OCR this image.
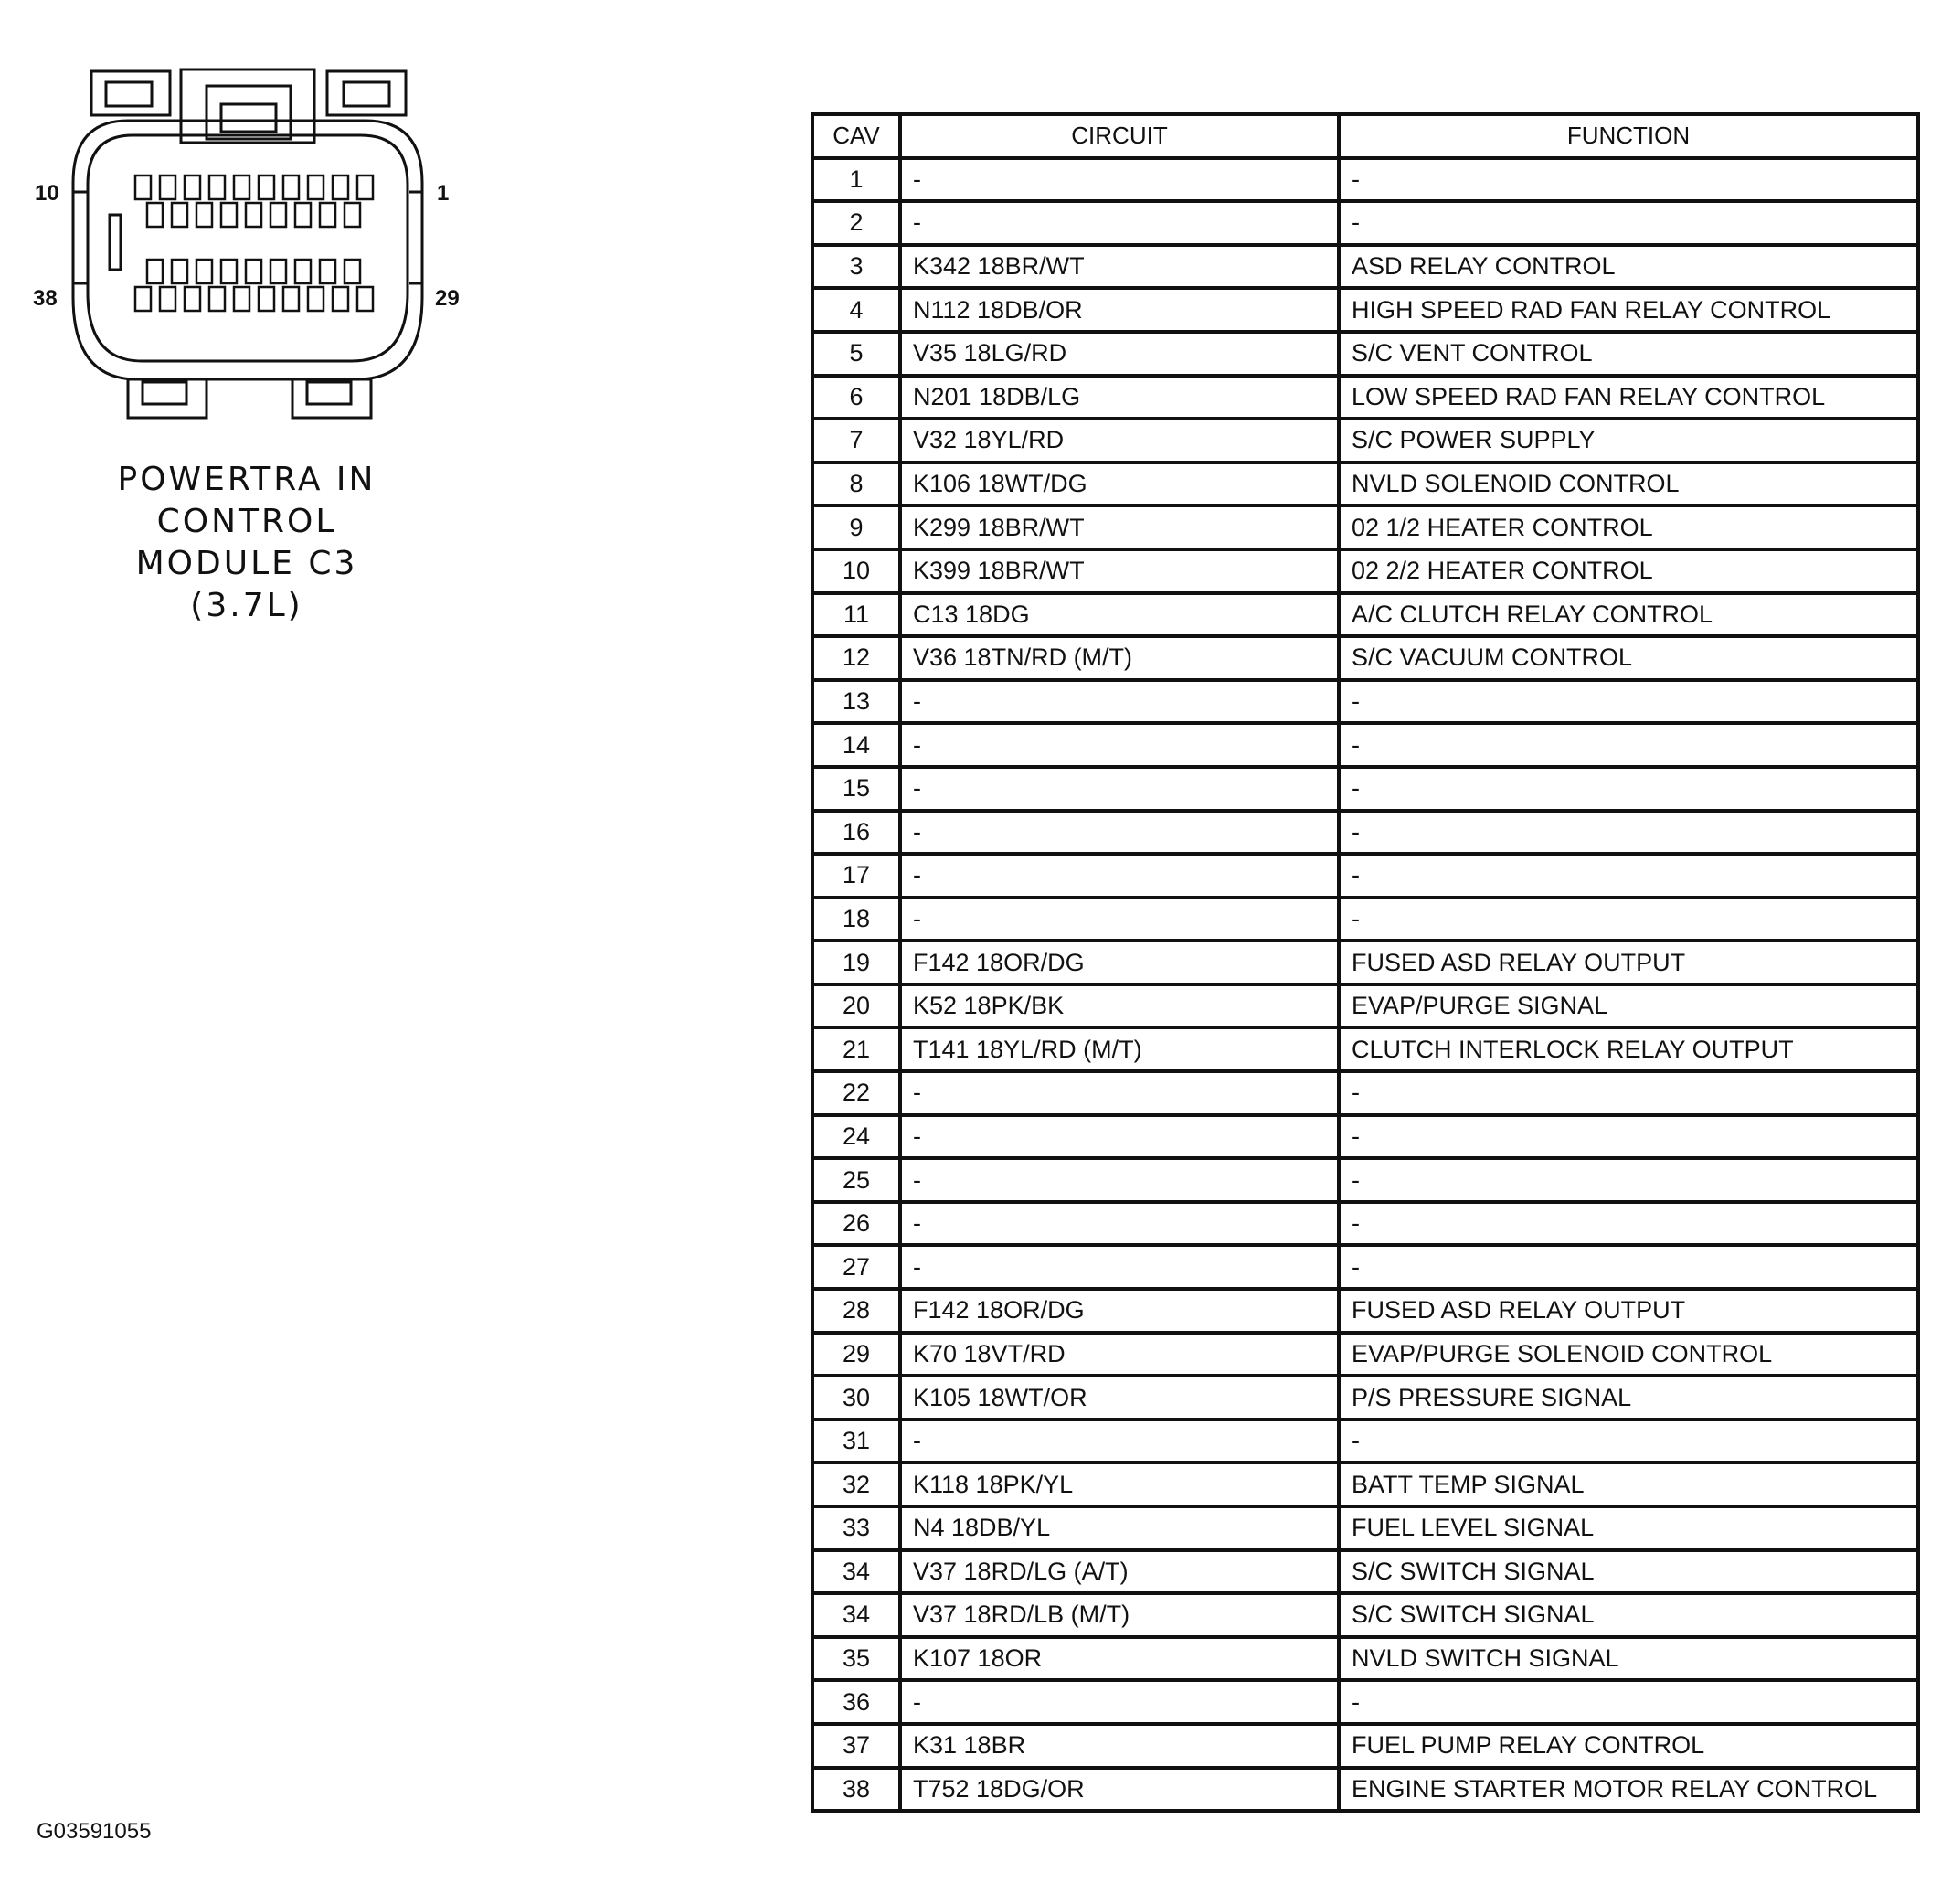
10	1
38	29
POWERTRA IN
CONTROL
MODULE C3
(3.7L)
CAV	CIRCUIT	FUNCTION
1	-	-
2	-	-
3	K342 18BR/WT	ASD RELAY CONTROL
4	N112 18DB/OR	HIGH SPEED RAD FAN RELAY CONTROL
5	V35 18LG/RD	S/C VENT CONTROL
6	N201 18DB/LG	LOW SPEED RAD FAN RELAY CONTROL
7	V32 18YL/RD	S/C POWER SUPPLY
8	K106 18WT/DG	NVLD SOLENOID CONTROL
9	K299 18BR/WT	02 1/2 HEATER CONTROL
10	K399 18BR/WT	02 2/2 HEATER CONTROL
11	C13 18DG	A/C CLUTCH RELAY CONTROL
12	V36 18TN/RD (M/T)	S/C VACUUM CONTROL
13	-	-
14	-	-
15	-	-
16	-	-
17	-	-
18	-	-
19	F142 18OR/DG	FUSED ASD RELAY OUTPUT
20	K52 18PK/BK	EVAP/PURGE SIGNAL
21	T141 18YL/RD (M/T)	CLUTCH INTERLOCK RELAY OUTPUT
22	-	-
24	-	-
25	-	-
26	-	-
27	-	-
28	F142 18OR/DG	FUSED ASD RELAY OUTPUT
29	K70 18VT/RD	EVAP/PURGE SOLENOID CONTROL
30	K105 18WT/OR	P/S PRESSURE SIGNAL
31	-	-
32	K118 18PK/YL	BATT TEMP SIGNAL
33	N4 18DB/YL	FUEL LEVEL SIGNAL
34	V37 18RD/LG (A/T)	S/C SWITCH SIGNAL
34	V37 18RD/LB (M/T)	S/C SWITCH SIGNAL
35	K107 18OR	NVLD SWITCH SIGNAL
36	-	-
37	K31 18BR	FUEL PUMP RELAY CONTROL
38	T752 18DG/OR	ENGINE STARTER MOTOR RELAY CONTROL
G03591055
